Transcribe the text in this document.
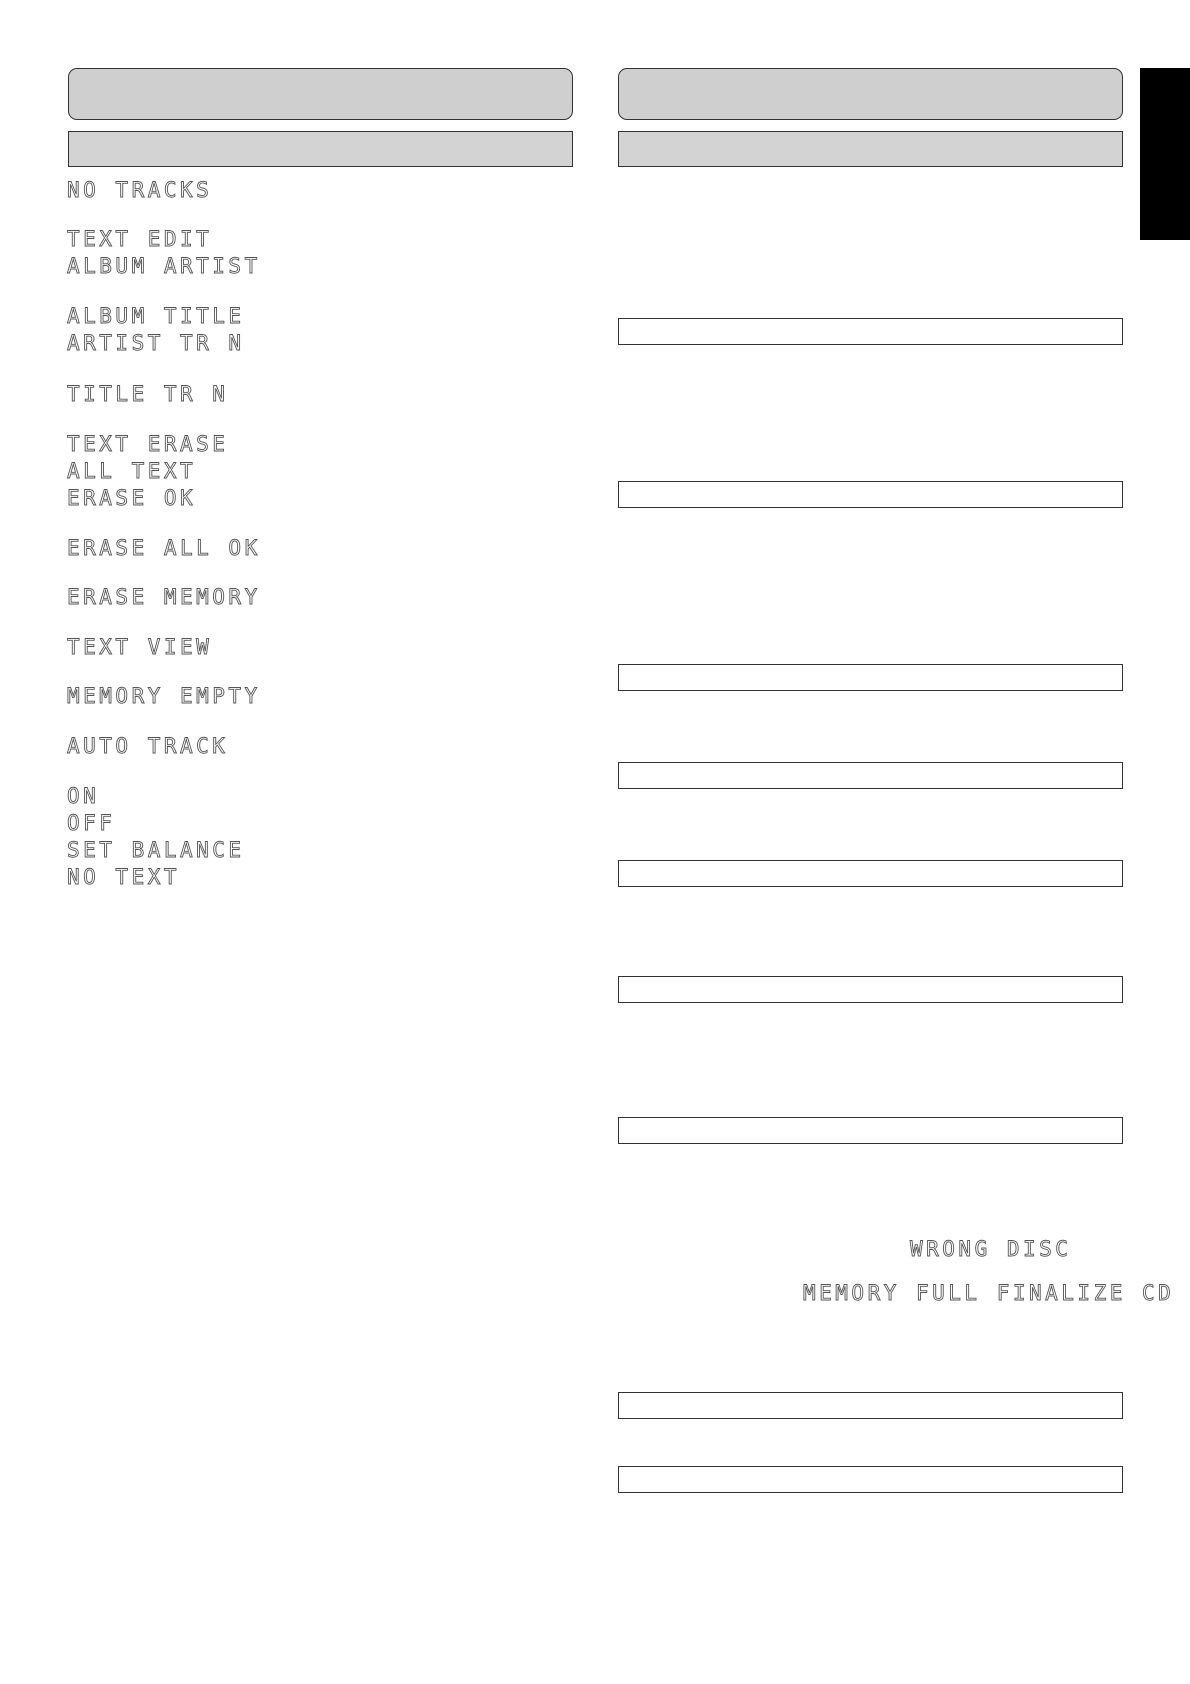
NO TRACKS
TEXT EDIT
ALBUM ARTIST
ALBUM TITLE
ARTIST TR N
TITLE TR N
TEXT ERASE
ALL TEXT
ERASE OK
ERASE ALL OK
ERASE MEMORY
TEXT VIEW
MEMORY EMPTY
AUTO TRACK
ON
OFF
SET BALANCE
NO TEXT
WRONG DISC
MEMORY FULL FINALIZE CD
